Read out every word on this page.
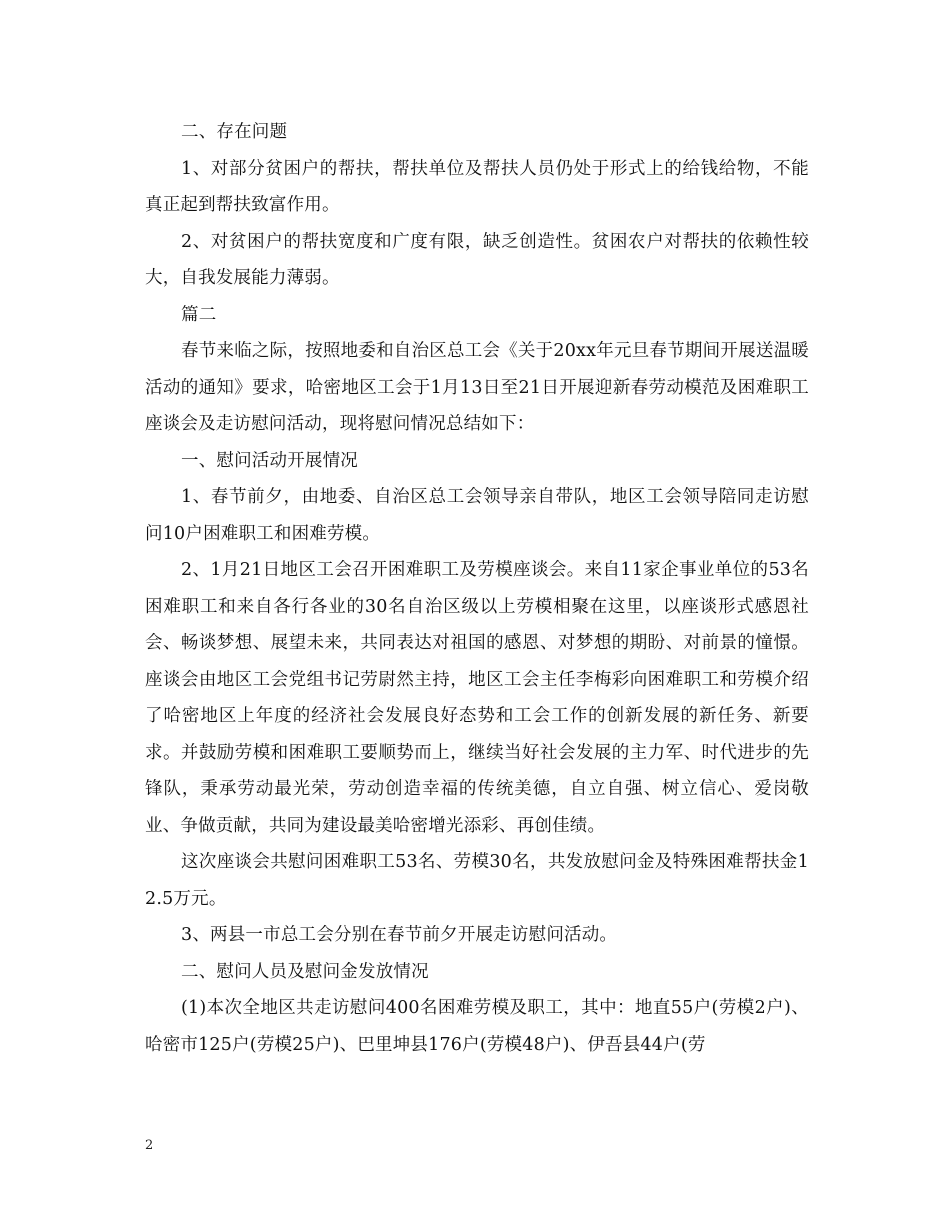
二、存在问题

1、对部分贫困户的帮扶，帮扶单位及帮扶人员仍处于形式上的给钱给物，不能真正起到帮扶致富作用。

2、对贫困户的帮扶宽度和广度有限，缺乏创造性。贫困农户对帮扶的依赖性较大，自我发展能力薄弱。

篇二

春节来临之际，按照地委和自治区总工会《关于20xx年元旦春节期间开展送温暖活动的通知》要求，哈密地区工会于1月13日至21日开展迎新春劳动模范及困难职工座谈会及走访慰问活动，现将慰问情况总结如下：

一、慰问活动开展情况

1、春节前夕，由地委、自治区总工会领导亲自带队，地区工会领导陪同走访慰问10户困难职工和困难劳模。

2、1月21日地区工会召开困难职工及劳模座谈会。来自11家企事业单位的53名困难职工和来自各行各业的30名自治区级以上劳模相聚在这里，以座谈形式感恩社会、畅谈梦想、展望未来，共同表达对祖国的感恩、对梦想的期盼、对前景的憧憬。座谈会由地区工会党组书记劳尉然主持，地区工会主任李梅彩向困难职工和劳模介绍了哈密地区上年度的经济社会发展良好态势和工会工作的创新发展的新任务、新要求。并鼓励劳模和困难职工要顺势而上，继续当好社会发展的主力军、时代进步的先锋队，秉承劳动最光荣，劳动创造幸福的传统美德，自立自强、树立信心、爱岗敬业、争做贡献，共同为建设最美哈密增光添彩、再创佳绩。

这次座谈会共慰问困难职工53名、劳模30名，共发放慰问金及特殊困难帮扶金12.5万元。

3、两县一市总工会分别在春节前夕开展走访慰问活动。

二、慰问人员及慰问金发放情况

(1)本次全地区共走访慰问400名困难劳模及职工，其中：地直55户(劳模2户)、哈密市125户(劳模25户)、巴里坤县176户(劳模48户)、伊吾县44户(劳

2
